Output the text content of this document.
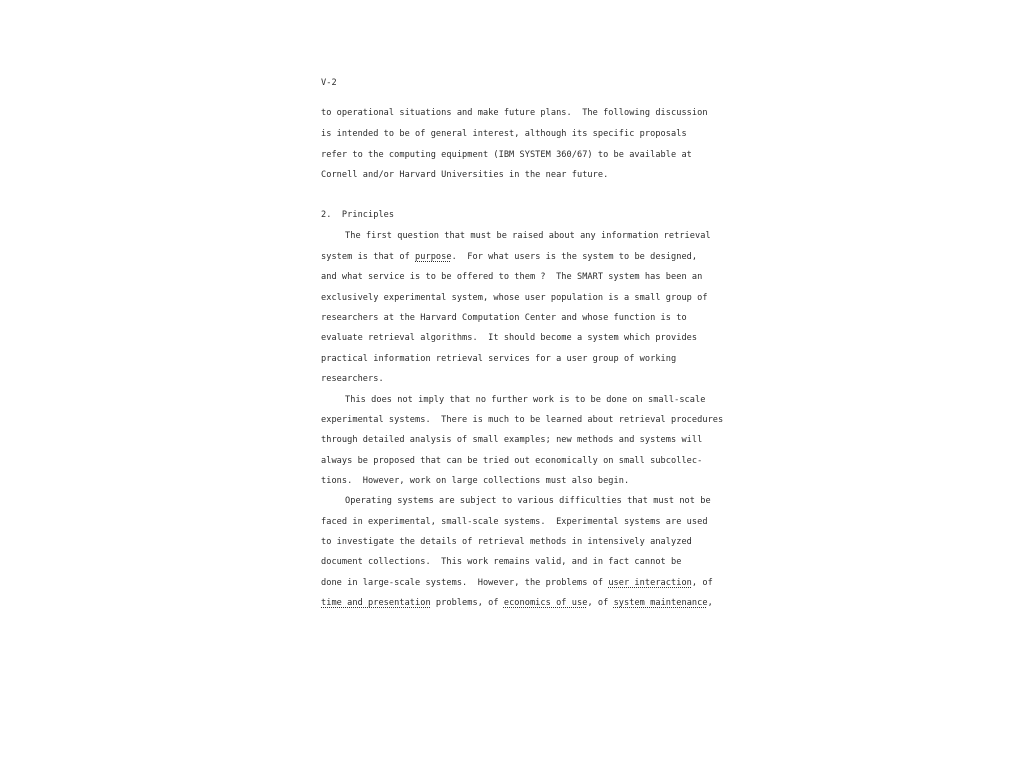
V-2
to operational situations and make future plans.  The following discussion
is intended to be of general interest, although its specific proposals
refer to the computing equipment (IBM SYSTEM 360/67) to be available at
Cornell and/or Harvard Universities in the near future.
2.  Principles
The first question that must be raised about any information retrieval
system is that of purpose.  For what users is the system to be designed,
and what service is to be offered to them ?  The SMART system has been an
exclusively experimental system, whose user population is a small group of
researchers at the Harvard Computation Center and whose function is to
evaluate retrieval algorithms.  It should become a system which provides
practical information retrieval services for a user group of working
researchers.
This does not imply that no further work is to be done on small-scale
experimental systems.  There is much to be learned about retrieval procedures
through detailed analysis of small examples; new methods and systems will
always be proposed that can be tried out economically on small subcollec-
tions.  However, work on large collections must also begin.
Operating systems are subject to various difficulties that must not be
faced in experimental, small-scale systems.  Experimental systems are used
to investigate the details of retrieval methods in intensively analyzed
document collections.  This work remains valid, and in fact cannot be
done in large-scale systems.  However, the problems of user interaction, of
time and presentation problems, of economics of use, of system maintenance,
